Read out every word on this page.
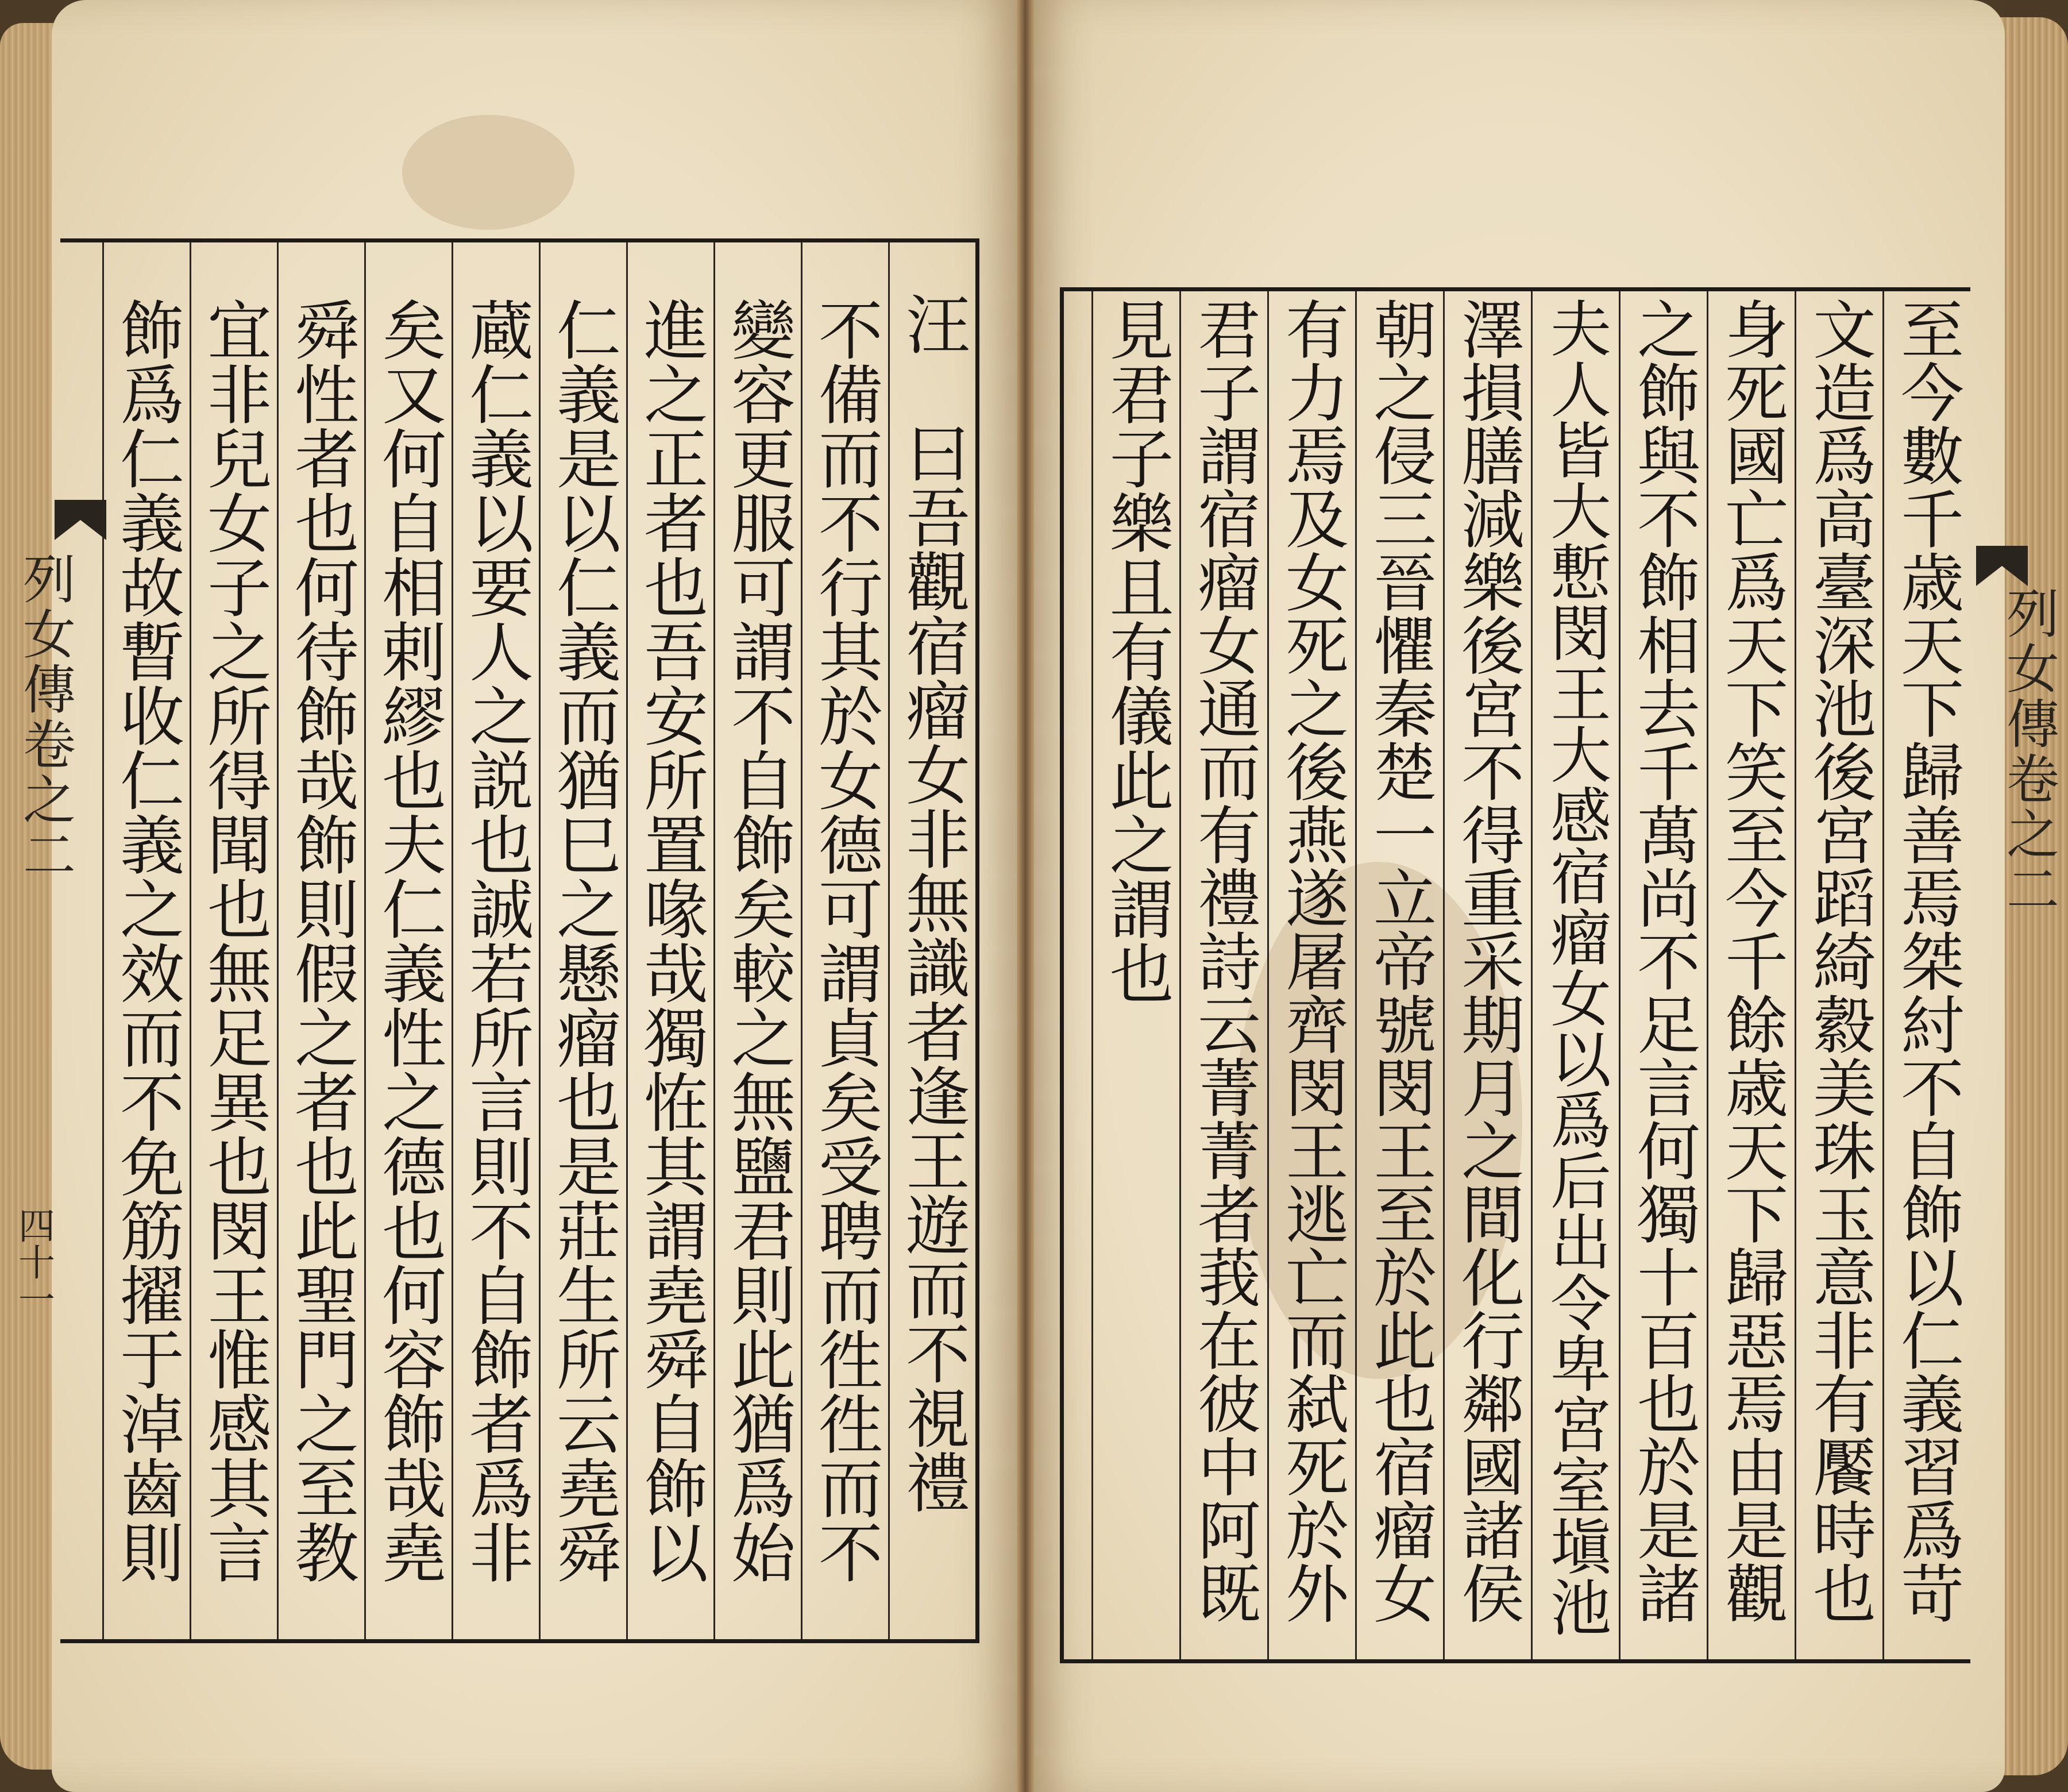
列女傳卷之二
四十一
列女傳卷之二
汪　曰吾觀宿瘤女非無識者逢王遊而不視禮
不備而不行其於女德可謂貞矣受聘而徃徃而不
變容更服可謂不自飾矣較之無鹽君則此猶爲始
進之正者也吾安所置喙哉獨恠其謂堯舜自飾以
仁義是以仁義而猶巳之懸瘤也是莊生所云堯舜
蔵仁義以要人之説也誠若所言則不自飾者爲非
矣又何自相剌繆也夫仁義性之德也何容飾哉堯
舜性者也何待飾哉飾則假之者也此聖門之至教
宜非兒女子之所得聞也無足異也閔王惟感其言
飾爲仁義故暫收仁義之效而不免筋擢于淖齒則	至今數千歳天下歸善焉桀紂不自飾以仁義習爲苛
文造爲高臺深池後宮蹈綺縠美珠玉意非有饜時也
身死國亡爲天下笑至今千餘歳天下歸惡焉由是觀
之飾與不飾相去千萬尚不足言何獨十百也於是諸
夫人皆大慙閔王大感宿瘤女以爲后出令卑宮室塡池
澤損膳減樂後宮不得重采期月之間化行鄰國諸侯
朝之侵三晉懼秦楚一立帝號閔王至於此也宿瘤女
有力焉及女死之後燕遂屠齊閔王逃亡而弑死於外
君子謂宿瘤女通而有禮詩云菁菁者莪在彼中阿既
見君子樂且有儀此之謂也
